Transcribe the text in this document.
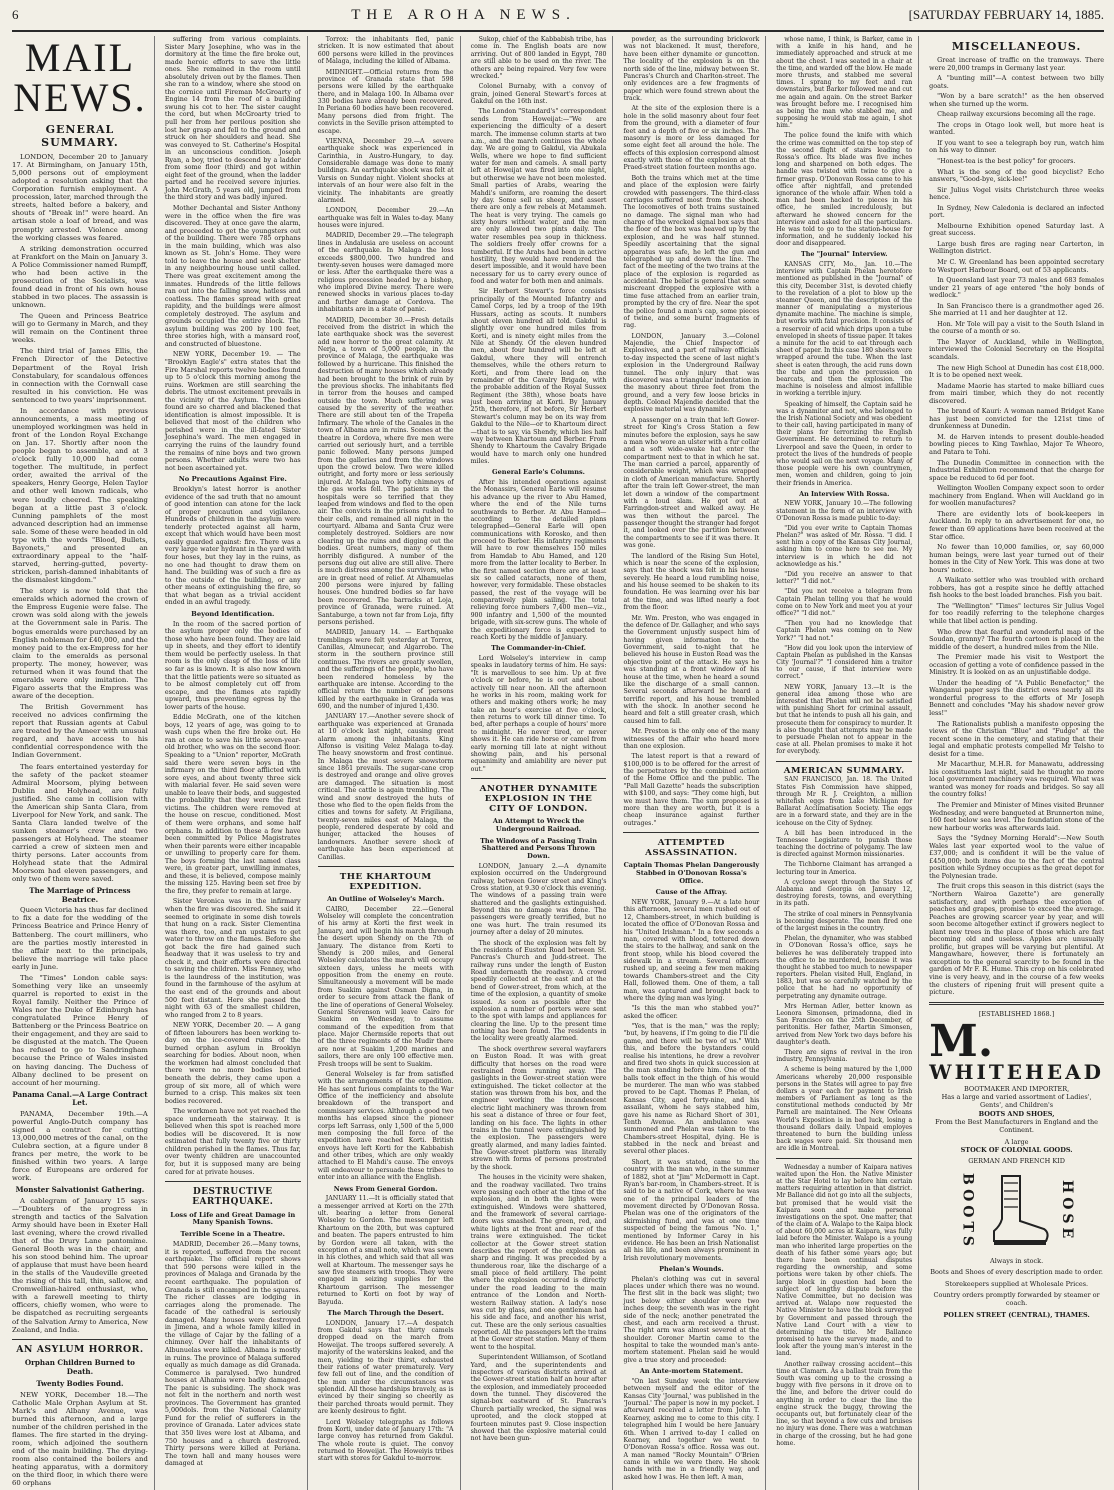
6	THE AROHA NEWS.	[SATURDAY FEBRUARY 14, 1885.
MAIL NEWS.
GENERAL SUMMARY.

LONDON, December 20 to January 17. At Birmingham, on January 15th, 5,000 persons out of employment adopted a resolution asking that the Corporation furnish employment. A procession, later, marched through the streets, halted before a bakery, and shouts of "Break in!" were heard. An artisan stole a loaf of bread, and was promptly arrested. Violence among the working classes was feared.

A striking demonstration occurred at Frankfort on the Main on January 3. A Police Commissioner named Rumpff, who had been active in the prosecution of the Socialists, was found dead in front of his own house stabbed in two places. The assassin is unknown.

The Queen and Princess Beatrice will go to Germany in March, and they will remain on the Continent three weeks.

The third trial of James Ellis, the French Director of the Detective Department of the Royal Irish Constabulary, for scandalous offences in connection with the Cornwall case resulted in his conviction. He was sentenced to two years' imprisonment.

In accordance with previous announcements, a mass meeting of unemployed workingmen was held in front of the London Royal Exchange on Jan. 17. Shortly after noon the people began to assemble, and at 3 o'clock fully 10,000 had come together. The multitude, in perfect order, awaited the arrival of the speakers, Henry George, Helen Taylor and other well known radicals, who were loudly cheered. The speaking began at a little past 3 o'clock. Cunning pamphlets of the most advanced description had an immense sale. Some of these were headed in old type with the words "Blood, Bullets, Bayonets," and presented an extraordinary appeal to the "half-starved, herring-gutted, poverty-stricken, parish-damned inhabitants of the dismalest kingdom."

The story is now told that the emeralds which adorned the crown of the Empress Eugenie were false. The crown was sold along with the jewels at the Government sale in Paris. The bogus emeralds were purchased by an English nobleman for £40,000, and the money paid to the ex-Empress for her claim to the emeralds as personal property. The money, however, was returned when it was found that the emeralds were only imitation. The Figaro asserts that the Empress was aware of the deception.

The British Government has received no advices confirming the report that Russian agents at Cabul are treated by the Ameer with unusual regard, and have access to his confidential correspondence with the Indian Government.

The fears entertained yesterday for the safety of the packet steamer Admiral Moorsom, plying between Dublin and Holyhead, are fully justified. She came in collision with the American ship Santa Clara, from Liverpool for New York, and sank. The Santa Clara landed twelve of the sunken steamer's crew and two passengers at Holyhead. The steamer carried a crew of sixteen men and thirty persons. Later accounts from Holyhead state that the Admiral Moorsom had eleven passengers, and only two of them were saved.

The Marriage of Princess Beatrice.

Queen Victoria has thus far declined to fix a date for the wedding of the Princess Beatrice and Prince Henry of Battenberg. The court milliners, who are the parties mostly interested in the affair next to the principals, believe the marriage will take place early in June.

The "Times" London cable says: Something very like an unseemly quarrel is reported to exist in the Royal family. Neither the Prince of Wales nor the Duke of Edinburgh has congratulated Prince Henry of Battenberg or the Princess Beatrice on their engagement, and they are said to be disgusted at the match. The Queen has refused to go to Sandringham because the Prince of Wales insisted on having dancing. The Duchess of Albany declined to be present on account of her mourning.

Panama Canal.—A Large Contract Let.

PANAMA, December 19th.—A powerful Anglo-Dutch company has signed a contract for cutting 13,000,000 metres of the canal, on the Culebra section, at a figure under 8 francs per metre, the work to be finished within two years. A large force of Europeans are ordered for work.

Monster Salvationist Gathering.

A cablegram of January 15 says:—"Doubters of the progress in strength and tactics of the Salvation Army should have been in Exeter Hall last evening, where the crowd rivalled that of the Drury Lane pantomime. General Booth was in the chair, and his son stood behind him. The uproar of applause that must have been heard in the stalls of the Vaudeville greeted the rising of this tall, thin, sallow, and Cromwellian-haired enthusiast, who, with a farewell meeting to thirty officers, chiefly women, who were to be dispatched as recruiting sergeants of the Salvation Army to America, New Zealand, and India.

AN ASYLUM HORROR.
Orphan Children Burned to Death.
Twenty Bodies Found.

NEW YORK, December 18.—The Catholic Male Orphan Asylum at St. Mark's and Albany Avenue, was burned this afternoon, and a large number of the children perished in the flames. The fire started in the drying-room, which adjoined the southern end of the main building. The drying-room also contained the boilers and heating apparatus, with a dormitory on the third floor, in which there were 60 orphans

suffering from various complaints. Sister Mary Josephine, who was in the dormitory at the time the fire broke out, made heroic efforts to save the little ones. She remained in the room until absolutely driven out by the flames. Then she ran to a window, where she stood on the cornice until Fireman McGroarty of Engine 14 from the roof of a building swung his cot to her. The sister caught the cord, but when McGroarty tried to pull her from her perilous position she lost her grasp and fell to the ground and struck on her shoulders and head. She was conveyed to St. Catherine's Hospital in an unconscious condition. Joseph Ryan, a boy, tried to descend by a ladder from some floor (third) and got within eight feet of the ground, when the ladder parted and he received severe injuries. John McGrath, 5 years old, jumped from the third story and was badly injured.

Mother Dechantal and Sister Anthony were in the office when the fire was discovered. They at once gave the alarm, and proceeded to get the youngsters out of the building. There were 785 orphans in the main building, which was also known as St. John's Home. They were told to leave the house and seek shelter in any neighbouring house until called. There was great excitement among the inmates. Hundreds of the little fellows ran out into the falling snow, hatless and coatless. The flames spread with great rapidity, and the buildings were almost completely destroyed. The asylum and grounds occupied the entire block. The asylum building was 200 by 100 feet, three stories high, with a mansard roof, and constructed of bluestone.

NEW YORK, December 19. — The "Brooklyn Eagle's" extra states that the Fire Marshal reports twelve bodies found up to 5 o'clock this morning among the ruins. Workmen are still searching the debris. The utmost excitement prevails in the vicinity of the Asylum. The bodies found are so charred and blackened that identification is almost impossible. It is believed that most of the children who perished were in the ill-fated Sister Josephina's ward. The men engaged in carrying the ruins of the laundry found the remains of nine boys and two grown persons. Whether adults were two has not been ascertained yet.

No Precautions Against Fire.

Brooklyn's latest horror is another evidence of the sad truth that no amount of good intention can atone for the lack of proper precaution and vigilance. Hundreds of children in the asylum were tenderly protected against all harm, except that which would have been most easily guarded against: fire. There was a very large water hydrant in the yard with four hoses, but they lay in the ruins, as no one had thought to draw them on hand. The building was of such a fire as to the outside of the building, or any other means of extinguishing the fire, so that what began as a trivial accident ended in an awful tragedy.

Beyond Identification.

In the room of the sacred portion of the asylum proper only the bodies of those who have been found. They are laid up in sheets, and they effort to identify them would be perfectly useless. In that room is the only clasp of the loss of life so far as is known. It is also now known that the little patients were so situated as to be almost completely cut off from escape, and the flames ate rapidly upward, thus preventing egress by the lower parts of the house.

Eddie McGrath, one of the kitchen boys, 12 years of age, was going to to wash cups when the fire broke out. He ran at once to save his little seven-year-old brother, who was on the second floor. Speaking to a "Union" reporter, McGrath said there were seven boys in the infirmary on the third floor afflicted with sore eyes, and about twenty three sick with malarial fever. He said seven were unable to leave their beds, and suggested the probability that they were the first victims. The children were removed at the house on rescue, conditioned. Most of them were orphans, and some half orphans. In addition to these a few have been committed by Police Magistrates when their parents were either incapable or unwilling to properly care for them. The boys forming the last named class were, in greater part, unwilling inmates, and these, it is believed, compose mainly the missing 125. Having been set free by the fire, they prefer to remain at large.

Sister Veronica was in the infirmary when the fire was discovered. She said it seemed to originate in some dish towels that hung on a rack. Sister Clementina was there, too, and ran upstairs to get water to throw on the flames. Before she got back the fire had gained such headway that it was useless to try and check it, and their efforts were directed to saving the children. Miss Fenney, who is the laundress of the institution, was found in the farmhouse of the asylum at the east end of the grounds and about 500 feet distant. Here she passed the night with 63 of the smallest children, who ranged from 2 to 8 years.

NEW YORK, December 20. — A gang of fifteen labourers has been working to-day on the ice-covered ruins of the burned orphan asylum in Brooklyn searching for bodies. About noon, when the workmen had almost concluded that there were no more bodies buried beneath the debris, they came upon a group of six more, all of which were burned to a crisp. This makes six teen bodies recovered.

The workmen have not yet reached the space underneath the stairway. It is believed when this spot is reached more bodies will be discovered. It is now estimated that fully twenty five or thirty children perished in the flames. Thus far, over twenty children are unaccounted for, but it is supposed many are being cared for at private houses.

DESTRUCTIVE EARTHQUAKE.
Loss of Life and Great Damage in Many Spanish Towns.
Terrible Scene in a Theatre.

MADRID, December 26.—Many towns, it is reported, suffered from the recent earthquake. The official report shows that 590 persons were killed in the provinces of Malaga and Granada by the recent earthquake. The population of Granada is still encamped in the squares. The richer classes are lodging in carriages along the promenade. The facade of the cathedral is seriously damaged. Many houses were destroyed in Jimena, and a whole family killed in the village of Cajar by the falling of a chimney. Over half the inhabitants of Albunuelas were killed. Albama is mostly in ruins. The province of Malaga suffered equally as much damage as did Granada. Commerce is paralysed. Two hundred houses at Alhamia were badly damaged. The panic is subsiding. The shock was not felt in the northern and north west provinces. The Government has granted 5,000dols. from the National Calamity Fund for the relief of sufferers in the province of Granada. Later advices state that 350 lives were lost at Albama, and 750 houses and a church destroyed. Thirty persons were killed at Periana. The town hall and many houses were damaged at

Torrox: the inhabitants fled, panic stricken. It is now estimated that about 600 persons were killed in the provinces of Malaga, including the killed of Albama.

MIDNIGHT.—Official returns from the province of Granada state that 598 persons were killed by the earthquake there, and in Malaga 100. In Albama over 330 bodies have already been recovered. In Periana 60 bodies have been recovered. Many persons died from fright. The convicts in the Seville prison attempted to escape.

VIENNA, December 29.—A severe earthquake shock was experienced in Carinthia, in Austro-Hungary, to day. Considerable damage was done to many buildings. An earthquake shock was felt at Varsis on Sunday night. Violent shocks at intervals of an hour were also felt in the vicinity. The inhabitants are greatly alarmed.

LONDON, December 29.—An earthquake was felt in Wales to-day. Many houses were injured.

MADRID, December 29.—The telegraph lines in Andalusia are useless on account of the earthquake. In Malaga the loss exceeds $800,000. Two hundred and twenty-seven houses were damaged more or less. After the earthquake there was a religious procession headed by a bishop, who implored Divine mercy. There were renewed shocks in various places to-day and further damage at Cordova. The inhabitants are in a state of panic.

MADRID, December 30.—Fresh details received from the district in which the late earthquake shock was the severest add new horror to the great calamity. At Nerja, a town of 5,000 people, in the province of Malaga, the earthquake was followed by a hurricane. This finished the destruction of many houses which already had been brought to the brink of ruin by the previous shocks. The inhabitants fled in terror from the houses and camped outside the town. Much suffering was caused by the severity of the weather. There are still about ten of the Trapeña Infirmary. The whole of the Canales in the town of Albama are in ruins. Scenes at the theatre in Cordova, where five men were carried out seriously hurt, and a terrible panic followed. Many persons jumped from the galleries and from the windows upon the crowd below. Two were killed outright, and forty more or less seriously injured. At Malaga two lofty chimneys of the gas works fell. The patients in the hospitals were so terrified that they leaped from windows and fled to the open air. The convicts in the prisons rushed to their cells, and remained all night in the courtyard. Albama and Santa Cruz were completely destroyed. Soldiers are now clearing up the ruins and digging out the bodies. Great numbers, many of them horribly disfigured. A number of the persons dug out alive are still alive. There is much distress among the survivors, who are in great need of relief. At Alhamuelas 200 persons were injured by falling houses. One hundred bodies so far have been recovered. The barracks at Loja, province of Granada, were ruined. At Santaburge, a town not far from Loja, fifty persons perished.

MADRID, January 14. — Earthquake tremblings were felt yesterday at Torrox, Canillas, Almunecar, and Algarrobo. The storm in the southern province still continues. The rivers are greatly swollen, and the sufferings of the people, who have been rendered homeless by the earthquake are intense. According to the official return the number of persons killed by the earthquake in Granada was 690, and the number of injured 1,430.

JANUARY 17.—Another severe shock of earthquake was experienced at Granada at 10 o'clock last night, causing great alarm among the inhabitants. King Alfonso is visiting Velez Malaga to-day. The heavy snowstorm and frost continue. In Malaga the most severe snowstorm since 1861 prevails. The sugar-cane crop is destroyed and orange and olive groves are damaged. The situation is most critical. The cattle is again trembling. The wind and snow destroyed the huts of those who fled to the open fields from the cities and towns for safety. At Frigiliana, twenty-seven miles east of Malaga, the people, rendered desperate by cold and hunger, attacked the houses of landowners. Another severe shock of earthquake has been experienced at Canillas.

THE KHARTOUM EXPEDITION.
An Outline of Wolseley's March.

CAIRO, December 22.—General Wolseley will complete the concentration of his army at Korti the first week in January, and will begin his march through the desert upon Shendy on the 7th of January. The distance from Korti to Shendy is 200 miles, and General Wolseley calculates the march will occupy sixteen days, unless he meets with opposition from the enemy en route. Simultaneously a movement will be made from Suakim against Osman Digna, in order to secure from attack the flank of the line of operations of General Wolseley. General Stevenson will leave Cairo for Suakim on Wednesday, to assume command of the expedition from that place. Major Chermside reports that out of the three regiments of the Mudir there are now at Suakim 1,200 marines and sailors, there are only 100 effective men. Fresh troops will be sent to Suakim.

General Wolseley is far from satisfied with the arrangements of the expedition. He has sent furious complaints to the War Office of the inefficiency and absolute breakdown of the transport and commissary services. Although a good two months has elapsed since the pioneer corps left Sarrass, only 1,500 of the 5,000 men composing the full force of the expedition have reached Korti. British envoys have left Korti for the Kabbabish and other tribes, which are only weakly attached to El Mahdi's cause. The envoys will endeavour to persuade these tribes to enter into an alliance with the English.

News From General Gordon.

JANUARY 11.—It is officially stated that a messenger arrived at Korti on the 27th ult. bearing a letter from General Wolseley to Gordon. The messenger left Khartoum on the 20th, but was captured and beaten. The papers entrusted to him by Gordon were all taken, with the exception of a small note, which was sewn in his clothes, and which said that all was well at Khartoum. The messenger says he saw five steamers with troops. They were engaged in seizing supplies for the Khartoum garrison. The messenger returned to Korti on foot by way of Bayuda.

The March Through the Desert.

LONDON, January 17.—A despatch from Gakdul says that thirty camels dropped dead on the march from Howeijat. The troops suffered severely. A majority of the waterskins leaked, and the men, yielding to their thirst, exhausted their rations of water prematurely. Very few fell out of line, and the condition of the men under the circumstances was splendid. All those hardships bravely, as is evinced by their singing so cheerily as their parched throats would permit. They are keenly desirous to fight.

Lord Wolseley telegraphs as follows from Korti, under date of January 17th: "A large convoy has returned from Gakdul. The whole route is quiet. The convoy returned to Howeijat. The Howeiyis tribes start with stores for Gakdul to-morrow.

Sukop, chief of the Kabbabish tribe, has come in. The English boats are now arriving. Out of 800 landed in Egypt, 780 are still able to be used on the river. The others are being repaired. Very few were wrecked."

Colonel Burnaby, with a convoy of grain, joined General Stewart's forces at Gakdul on the 16th inst.

The London "Standard's" correspondent sends from Howeijat:—"We are experiencing the difficulty of a desert march. The immense column starts at two a.m., and the march continues the whole day. We are going to Gakdul, via Abukala Wells, where we hope to find sufficient water for men and camels. A small party left at Howeijat was fired into one night, but otherwise we have not been molested. Small parties of Arabs, wearing the Mahdi's uniform, are roaming the desert by day. Some sell us sheep, and assert there are only a few rebels at Metammeh. The heat is very trying. The camels go sixty hours without water, and the men are only allowed two pints daily. The water resembles pea soup in thickness. The soldiers freely offer crowns for a tumberful. If the Arabs had been in active hostility, they would have rendered the desert impossible, and it would have been necessary for us to carry every ounce of food and water for both men and animals.

Sir Herbert Stewart's force consists principally of the Mounted Infantry and Camel Corps, led by a troop of the 19th Hussars, acting as scouts. It numbers about eleven hundred all told. Gakdul is slightly over one hundred miles from Korti, and is ninety eight miles from the Nile at Shendy. Of the eleven hundred men, about four hundred will be left at Gakdul, where they will entrench themselves, while the others return to Korti, and from there lead on the remainder of the Cavalry Brigade, with the probable addition of the Royal Sussex Regiment (the 38th), whose boats have just been arriving at Korti. By January 25th, therefore, if not before, Sir Herbert Stewart's column may be on its way from Gakdul to the Nile—or to Khartoum direct—that is to say, via Shendy, which lies half way between Khartoum and Berber. From Shendy to Khartoum the Cavalry Brigade would have to march only one hundred miles.

General Earle's Columns.

After his intended operations against the Monassirs, General Earle will resume his advance up the river to Abu Hamed, where the end of the Nile turns southwards to Berber. At Abu Hamed—according to the detailed plans telegraphed—General Earle will open communications with Korosko, and then proceed to Berber. His infantry regiments will have to row themselves 150 miles from Hamdab to Abu Hamed, and 120 more from the latter locality to Berber. In the first named section there are at least six so called cataracts, none of them, however, very formidable. These obstacles passed, the rest of the voyage will be comparatively plain sailing. The total relieving force numbers 7,400 men—viz., 900 infantry and 1,500 of the mounted brigade, with six-screw guns. The whole of the expeditionary force is expected to reach Korti by the middle of January.

The Commander-in-Chief.

Lord Wolseley's interview in camp speaks in laudatory terms of him. He says: "It is marvellous to see him. Up at five o'clock or before, he is out and about actively till near noon. All the afternoon he works in his room, making work for others and making others work; he may take an hour's exercise at five o'clock, then returns to work till dinner time. To bed, after perhaps a couple of hours' more to midnight. He never tired, or never shows it. He can ride horse or camel from early morning till late at night without showing pain, and his personal equanimity and amiability are never put out."

ANOTHER DYNAMITE EXPLOSION IN THE CITY OF LONDON.
An Attempt to Wreck the Underground Railroad.
The Windows of a Passing Train Shattered and Persons Thrown Down.

LONDON, January 2.—A dynamite explosion occurred on the Underground railway, between Gower street and King's Cross station, at 9.30 o'clock this evening. The windows of a passing train were shattered and the gaslights extinguished. Beyond this no damage was done. The passengers were greatly terrified, but no one was hurt. The train resumed its journey after a delay of 20 minutes.

The shock of the explosion was felt by the residents of Euston Road between St. Pancras's Church and Judd-street. The railway runs under the length of Euston Road underneath the roadway. A crowd speedily collected at the east and at the bend of Gower-street, from which, at the time of the explosion, a quantity of smoke issued. As soon as possible after the explosion a number of porters were sent to the spot with lamps and appliances for clearing the line. Up to the present time nothing has been found. The residents in the locality were greatly alarmed.

The shock overthrew several wayfarers on Euston Road. It was with great difficulty that horses on the road were restrained from running away. The gaslights in the Gower-street station were extinguished. The ticket collector at the station was thrown from his box, and the engineer working the incandescent electric light machinery was thrown from his seat a distance of three or four feet, landing on his face. The lights in other trains in the tunnel were extinguished by the explosion. The passengers were greatly alarmed, and many ladies fainted. The Gower-street platform was literally strewn with forms of persons prostrated by the shock.

The houses in the vicinity were shaken, and the roadway vacillated. Two trains were passing each other at the time of the explosion, and in both the lights were extinguished. Windows were shattered, and the framework of several carriage-doors was smashed. The green, red, and white lights at the front and rear of the trains were extinguished. The ticket collector at the Gower street station describes the report of the explosion as sharp and ringing. It was preceded by a thunderous roar, like the discharge of a small piece of field artillery. The point where the explosion occurred is directly under the road leading to the main entrance of the London and North-western Railway station. A lady's nose was cut by glass, and one gentleman had his side and face, and another his wrist, cut. These are the only serious casualties reported. All the passengers left the trains at the Gower street station. Many of them went to the hospital.

Superintendent Williamson, of Scotland Yard, and the superintendents and inspectors of various districts arrived at the Gower-street station half an hour after the explosion, and immediately proceeded down the tunnel. They discovered the signal-box eastward of St. Pancras's Church partially wrecked, the signal was uprooted, and the clock stopped at fourteen minutes past 9. Close inspection showed that the explosive material could not have been gun-

powder, as the surrounding brickwork was not blackened. It must, therefore, have been either dynamite or guncotton. The locality of the explosion is on the north side of the line, midway between St. Pancras's Church and Charlton-street. The only evidences are a few fragments of paper which were found strewn about the track.

At the site of the explosion there is a hole in the solid masonry about four feet from the ground, with a diameter of four feet and a depth of five or six inches. The masonry is more or less damaged for some eight feet all around the hole. The effects of this explosion correspond almost exactly with those of the explosion at the Praed-street station fourteen months ago.

Both the trains which met at the time and place of the explosion were fairly crowded with passengers. The third-class carriages suffered most from the shock. The locomotives of both trains sustained no damage. The signal man who had charge of the wrecked signal box says that the floor of the box was heaved up by the explosion, and he was half stunned. Speedily ascertaining that the signal apparatus was safe, he left the gun and telegraphed up and down the line. The fact of the meeting of the two trains at the place of the explosion is regarded as accidental. The belief is general that some miscreant dropped the explosive with a time fuse attached from an earlier train, prompted by the cry of fire. Near the spot the police found a man's cap, some pieces of twine, and some burnt fragments of rag.

LONDON, January 3.—Colonel Majendie, the Chief Inspector of Explosives, and a part of railway officials to-day inspected the scene of last night's explosion in the Underground Railway tunnel. The only injury that was discovered was a triangular indentation in the masonry about three feet from the ground, and a very few loose bricks in depth. Colonel Majendie decided that the explosive material was dynamite.

A passenger on a train that left Gower-street for King's Cross Station a few minutes before the explosion, says he saw a man who wore an ulster with a fur collar and a soft wide-awake hat enter the compartment next to that in which he sat. The man carried a parcel, apparently of considerable weight, which was wrapped in cloth of American manufacture. Shortly after the train left Gower-street, the man let down a window of the compartment with a loud slam. He got out at Farringdon-street and walked away. He was then without the parcel. The passenger thought the stranger had forgot it, and looked over the partition between the compartments to see if it was there. It was gone.

The landlord of the Rising Sun Hotel, which is near the scene of the explosion, says that the shock was felt in his house severely. He heard a loud rumbling noise, and his house seemed to be shaken to its foundation. He was learning over his bar at the time, and was lifted nearly a foot from the floor.

Mr. Wm. Preston, who was engaged in the defence of Dr. Gallagher, and who says the Government unjustly suspect him of having given information to the Government, said to-night that he believed his house in Euston Road was the objective point of the attack. He says he was standing at a front window of his house at the time, when he heard a sound like the discharge of a small cannon. Several seconds afterward he heard a terrific report, and his house trembled with the shock. In another second he heard and felt a still greater crash, which caused him to fall.

Mr. Preston is the only one of the many witnesses of the affair who heard more than one explosion.

The latest report is that a reward of $100,000 is to be offered for the arrest of the perpetrators by the combined action of the Home Office and the public. The "Pall Mall Gazette" heads the subscription with $100, and says: "They come high, but we must have them. The sum proposed is more than they are worth, but it is a cheap insurance against further outrages."

ATTEMPTED ASSASSINATION.
Captain Thomas Phelan Dangerously Stabbed in O'Donovan Rossa's Office.
Cause of the Affray.

NEW YORK, January 9.—At a late hour this afternoon, several men rushed out of 12, Chambers-street, in which building is located the office of O'Donovan Rossa and his "United Irishman." In a few seconds a man, covered with blood, tottered down the stairs to the hallway, and sank on the front stoop, while his blood covered the sidewalk in a stream. Several officers rushed up, and seeing a few men making towards Chambers-street and the City Hall, followed them. One of them, a tall man, was captured and brought back to where the dying man was lying.

"Is this the man who stabbed you?" asked the officer.

"Yes, that is the man," was the reply; "but, by heavens, if I'm going to die I'll die game, and there will be two of us." With this, and before the bystanders could realise his intentions, he drew a revolver and fired two shots in quick succession at the man standing before him. One of the balls took effect in the thigh of his would be murderer. The man who was stabbed proved to be Capt. Thomas P. Phelan, of Kansas City, aged forty-nine, and his assailant, whom he says stabbed him, gave his name as Richard Short of 301, Tenth Avenue. An ambulance was summoned and Phelan was taken to the Chambers-street Hospital, dying. He is stabbed in the neck and breast and several other places.

Short, it was stated, came to the country with the man who, in the summer of 1882, shot at "Jim" McDermott in Capt. Ryan's bar-room, in Chambers-street. It is said to be a native of Cork, where he was one of the principal leaders of the movement directed by O'Donovan Rossa. Phelan was one of the originators of the skirmishing fund, and was at one time suspected of being the famous "No. 1," mentioned by Informer Carey in his evidence. He has been an Irish Nationalist all his life, and been always prominent in Irish revolutionary movements.

Phelan's Wounds.

Phelan's clothing was cut in several places under which there was no wound. The first slit in the back was slight; two just below either shoulder were two inches deep; the seventh was in the right side of the neck; another penetrated the chest, and each arm received a thrust. The right arm was almost severed at the shoulder. Coroner Martin came to the hospital to take the wounded man's ante-mortem statement. Phelan said he would give a true story and proceeded:

An Ante-mortem Statement.

"On last Sunday week the interview between myself and the editor of the Kansas City 'Journal,' was published in the 'Journal.' The paper is now in my pocket. I afterward received a letter from John T. Kearney, asking me to come to this city. I telegraphed him I would be here January 6th. When I arrived to-day I called on Kearney, and together we went to O'Donovan Rossa's office. Rossa was out. A man named "Rocky Mountain" O'Brien came in while we were there. He shook hands with me in a friendly way, and asked how I was. He then left. A man,

whose name, I think, is Barker, came in with a knife in his hand, and he immediately approached and struck at me about the chest. I was seated in a chair at the time, and warded off the blow. He made more thrusts, and stabbed me several times. I sprang to my feet and ran downstairs, but Barker followed me and cut me again and again. On the street Barker was brought before me. I recognised him as being the man who stabbed me, and supposing he would stab me again, I shot him."

The police found the knife with which the crime was committed on the top step of the second flight of stairs leading to Rossa's office. Its blade was five inches long and sharpened on both edges. The handle was twisted with twine to give a firmer grasp. O'Donovan Rossa came to his office after nightfall, and pretended ignorance of the whole affair. When told a man had been hacked to pieces in his office, he smiled incredulously, but afterward he showed concern for the interview and asked for all the particulars. He was told to go to the station-house for information, and he suddenly locked his door and disappeared.

The "Journal" Interview.

KANSAS CITY, Mo., Jan. 10.—The interview with Captain Phelan heretofore mentioned as published in the "Journal" of this city, December 31st, is devoted chiefly to the revelation of a plot to blow up the steamer Queen, and the description of the manner of manipulating a mysterious dynamite machine. The machine is simple, but works with fatal precision. It consists of a reservoir of acid which drips upon a tube enveloped in sheets of tissue paper. It takes a minute for the acid to eat through each sheet of paper. In this case 180 sheets were wrapped around the tube. When the last sheet is eaten through, the acid runs down the tube and upon the percussion on bearcats, and then the explosion. The machine is noiseless and almost infallible in working a terrible injury.

Speaking of himself, the Captain said he was a dynamiter and not, who belonged to the Irish National Society and was obedient to their call, having participated in many of their plans for terrorizing the English Government. He determined to return to Liverpool and save the Queen, in order to protect the lives of the hundreds of people who would sail on the next voyage. Many of those people were his own countrymen, men, women and children, going to join their friends in America.

An Interview With Rossa.

NEW YORK, January 10.—The following statement in the form of an interview with O'Donovan Rossa is made public to-day:

"Did you ever write to Captain Thomas Phelan?" was asked of Mr. Rossa. "I did. I sent him a copy of the Kansas City Journal, asking him to come here to see me. My interview is in which he did not acknowledge as his."

"Did you receive an answer to that letter?" "I did not."

"Did you not receive a telegram from Captain Phelan telling you that he would come on to New York and meet you at your office?" "I did not."

"Then you had no knowledge that Captain Phelan was coming on to New York?" "I had not."

"How did you look upon the interview of Captain Phelan as published in the Kansas City 'Journal'?" "I considered him a traitor to our cause, if that interview were correct."

NEW YORK, January 13.—It is the general idea among those who are interested that Phelan will not be satisfied with punishing Short for criminal assault, but that he intends to push all his gain, and prosecute them for conspiracy to murder. It is also thought that attempts may be made to persuade Phelan not to appear in the case at all. Phelan promises to make it hot for everybody.

AMERICAN SUMMARY.

SAN FRANCISCO, Jan. 18. The United States Fish Commission have shipped, through Mr R. J. Creighton, a million whitefish eggs from Lake Michigan for Ballarat Acclimatisation Society. The eggs are in a forward state, and they are in the icehouse on the City of Sydney.

A bill has been introduced in the Tennessee Legislature to punish those teaching the doctrine of polygamy. The law is directed against Mormon missionaries.

The Tichborne Claimant has arranged a lecturing tour in America.

A cyclone swept through the States of Alabama and Georgia on January 12, destroying forests, towns, and everything in its path.

The strike of coal miners in Pennsylvania is becoming desperate. The men fired one of the largest mines in the country.

Phelan, the dynamiter, who was stabbed in O'Donovan Rossa's office, says he believes he was deliberately trapped into the office to be murdered, because it was thought he stabbed too much to newspaper reporters. Phelan visited Hull, England, in 1883, but was so carefully watched by the police that he had no opportunity of perpetrating any dynamite outrage.

Mrs Herman Adler, better known as Leonora Simonsen, primadonna, died in San Francisco on the 25th December, of peritonitis. Her father, Martin Simonsen, arrived from New York two days before his daughter's death.

There are signs of revival in the iron industry, Pennsylvania.

A scheme is being matured by the 1,000 Americans whereby 20,000 responsible persons in the States will agree to pay five dollars a year each for payment to Irish members of Parliament as long as the constitutional methods conducted by Mr Parnell are maintained. The New Orleans World's Exposition is in bad luck, losing a thousand dollars daily. Unpaid employes threatened to burn the building unless back wages were paid. Six thousand men are idle in Montreal.

Wednesday a number of Kaipara natives waited upon the Hon. the Native Minister at the Star Hotel to lay before him certain matters requiring attention in that district. Mr Ballance did not go into all the subjects, but promised that he would visit the Kaipara soon and make personal investigations on the spot. One matter, that of the claim of A. Walapo to the Kaipa block of about 60,000 acres at Kaipara, was fully laid before the Minister. Walapo is a young man who inherited large properties on the death of his father some years ago; but there have been continual disputes regarding the ownership, and some portions were taken by other chiefs. The large block in question had been the subject of lengthy dispute before the Native Committee, but no decision was arrived at. Walapo now requested the Native Minister to have the block surveyed by Government and passed through the Native Land Court with a view to determining the title. Mr Ballance promised to have the survey made, and to look after the young man's interest in the land.

Another railway crossing accident—this time at Clamarn. As a ballast train from the South was coming up to the crossing a buggy with five persons in it drove on to the line, and before the driver could do anything in order to clear the line the engine struck the buggy, throwing the occupants out, but fortunately clear of the line, so that beyond a few cuts and bruises no injury was done. There was a watchman in charge of the crossing, but he had gone home.

MISCELLANEOUS.

Great increase of traffic on the tramways. There were 20,000 tramps in Germany last year.

A "bunting mill"—A contest between two billy goats.

"Won by a bare scratch!" as the hen observed when she turned up the worm.

Cheap railway excursions becoming all the rage.

The crops in Otago look well, but more heat is wanted.

If you want to see a telegraph boy run, watch him on his way to dinner.

"Honest-tea is the best policy" for grocers.

What is the song of the good bicyclist? Echo answers, "Good-bye, sick-lee!"

Sir Julius Vogel visits Christchurch three weeks hence.

In Sydney, New Caledonia is declared an infected port.

Melbourne Exhibition opened Saturday last. A great success.

Large bush fires are raging near Carterton, in Wellington district.

Mr C. W. Greenland has been appointed secretary to Westport Harbour Board, out of 53 applicants.

In Queensland last year 73 males and 683 females under 21 years of age entered "the holy bonds of wedlock."

In San Francisco there is a grandmother aged 26. She married at 11 and her daughter at 12.

Hon. Mr Tole will pay a visit to the South Island in the course of a month or so.

The Mayor of Auckland, while in Wellington, interviewed the Colonial Secretary on the Hospital scandals.

The new High School at Dunedin has cost £18,000. It is to be opened next week.

Madame Maorie has started to make billiard cues from mairi timber, which they do not recently discovered.

The brand of Kauri: A woman named Bridget Kane has just been convicted for the 121st time of drunkenness at Dunedin.

M. de Harven intends to present double-headed bowling pieces to King Tawhiao, Major Te Wheoro, and Patara te Tohi.

The Dunedin Committee in connection with the Industrial Exhibition recommend that the charge for space be reduced to 6d per foot.

Wellington Woollen Company expect soon to order machinery from England. When will Auckland go in for woollen manufactures?

There are evidently lots of book-keepers in Auckland. In reply to an advertisement for one, no fewer than 69 applications have been received at the Star office.

No fewer than 10,000 families, or, say 60,000 human beings, were last year turned out of their homes in the City of New York. This was done at two hours' notice.

A Waikato settler who was troubled with orchard robbers, has got a respite since he deftly attached fish hooks to the best loaded branches. Fish you bait.

The "Wellington" "Times" lectures Sir Julius Vogel for too readily referring to the telephone charges while that libel action is pending.

Who drew that fearful and wonderful map of the Soudan, granny? The fourth cartoon is placed in the middle of the desert, a hundred miles from the Nile.

The Premier made his visit to Westport the occasion of getting a vote of confidence passed in the Ministry. It is looked on as an unjustifiable dodge.

Under the heading of "A Public Benefactor," the Wanganui paper says the district owes nearly all its wonderful progress to the efforts of Mr Joseph Bennett and concludes "May his shadow never grow less!"

The Rationalists publish a manifesto opposing the views of the Christian "Blue" and "Fudge" at the recent scene in the cemetery, and stating that their legal and emphatic protests compelled Mr Telsho to desist for a time.

Mr Macarthur, M.H.R. for Manawatu, addressing his constituents last night, said he thought no more local government machinery was required. What was wanted was money for roads and bridges. So say all the country folks!

The Premier and Minister of Mines visited Brunner Wednesday, and were banqueted at Brunnerton mine, 160 feet below sea level. The foundation stone of the new harbour works was afterwards laid.

Says the "Sydney Morning Herald":—New South Wales last year exported wool to the value of £37,000; and is confident it will be the value of £450,000; both items due to the fact of the central position while Sydney occupies as the great depot for the Polynesian trade.

The fruit crops this season in this district (says the "Northern Wairoa Gazette") are generally satisfactory, and with perhaps the exception of peaches and grapes, promise to exceed the average. Peaches are growing scarcer year by year, and will soon become altogether extinct if growers neglect to plant new trees in the place of those which are fast becoming old and useless. Apples are unusually prolific, but grapes will be varying but plentiful. At Mangawhare, however, there is fortunately an exception to the general scarcity to be found in the garden of Mr F. R. Hume. This crop on his celebrated vine is very heavy, and in the course of a few weeks the clusters of ripening fruit will present quite a picture.

[ESTABLISHED 1868.]
M.
WHITEHEAD
BOOTMAKER AND IMPORTER,
Has a large and varied assortment of Ladies', Gents', and Children's
BOOTS AND SHOES,
From the Best Manufacturers in England and the Continent.
A large
STOCK OF COLONIAL GOODS.
GERMAN AND FRENCH KID
BOOTS	HOSE
Always in stock.
Boots and Shoes of every description made to order.
Storekeepers supplied at Wholesale Prices.
Country orders promptly forwarded by steamer or coach.
POLLEN STREET (CENTRAL), THAMES.
